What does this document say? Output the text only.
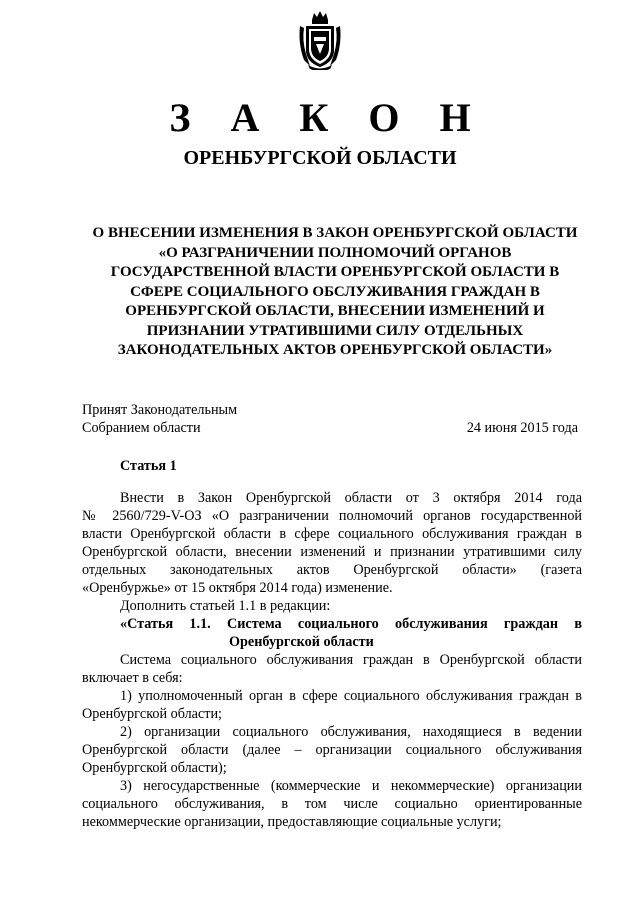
З А К О Н
ОРЕНБУРГСКОЙ ОБЛАСТИ
О ВНЕСЕНИИ ИЗМЕНЕНИЯ В ЗАКОН ОРЕНБУРГСКОЙ ОБЛАСТИ
«О РАЗГРАНИЧЕНИИ ПОЛНОМОЧИЙ ОРГАНОВ
ГОСУДАРСТВЕННОЙ ВЛАСТИ ОРЕНБУРГСКОЙ ОБЛАСТИ В
СФЕРЕ СОЦИАЛЬНОГО ОБСЛУЖИВАНИЯ ГРАЖДАН В
ОРЕНБУРГСКОЙ ОБЛАСТИ, ВНЕСЕНИИ ИЗМЕНЕНИЙ И
ПРИЗНАНИИ УТРАТИВШИМИ СИЛУ ОТДЕЛЬНЫХ
ЗАКОНОДАТЕЛЬНЫХ АКТОВ ОРЕНБУРГСКОЙ ОБЛАСТИ»
Принят Законодательным
Собранием области	24 июня 2015 года
Статья 1
Внести в Закон Оренбургской области от 3 октября 2014 года
№ 2560/729-V-ОЗ «О разграничении полномочий органов государственной
власти Оренбургской области в сфере социального обслуживания граждан в
Оренбургской области, внесении изменений и признании утратившими силу
отдельных законодательных актов Оренбургской области» (газета
«Оренбуржье» от 15 октября 2014 года) изменение.
Дополнить статьей 1.1 в редакции:
«Статья 1.1. Система социального обслуживания граждан в
Оренбургской области
Система социального обслуживания граждан в Оренбургской области
включает в себя:
1) уполномоченный орган в сфере социального обслуживания граждан в
Оренбургской области;
2) организации социального обслуживания, находящиеся в ведении
Оренбургской области (далее – организации социального обслуживания
Оренбургской области);
3) негосударственные (коммерческие и некоммерческие) организации
социального обслуживания, в том числе социально ориентированные
некоммерческие организации, предоставляющие социальные услуги;
